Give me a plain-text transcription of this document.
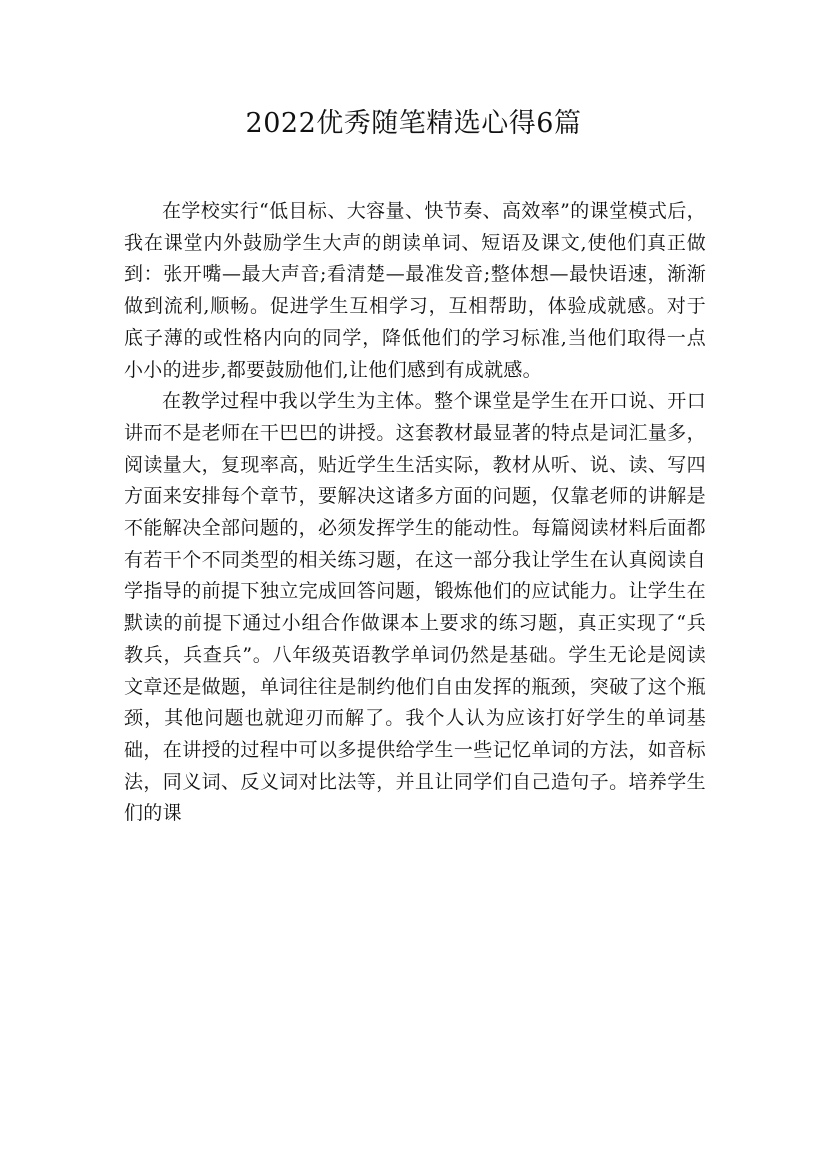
2022优秀随笔精选心得6篇

在学校实行“低目标、大容量、快节奏、高效率”的课堂模式后，我在课堂内外鼓励学生大声的朗读单词、短语及课文,使他们真正做到：张开嘴—最大声音;看清楚—最准发音;整体想—最快语速，渐渐做到流利,顺畅。促进学生互相学习，互相帮助，体验成就感。对于底子薄的或性格内向的同学，降低他们的学习标准,当他们取得一点小小的进步,都要鼓励他们,让他们感到有成就感。

在教学过程中我以学生为主体。整个课堂是学生在开口说、开口讲而不是老师在干巴巴的讲授。这套教材最显著的特点是词汇量多，阅读量大，复现率高，贴近学生生活实际，教材从听、说、读、写四方面来安排每个章节，要解决这诸多方面的问题，仅靠老师的讲解是不能解决全部问题的，必须发挥学生的能动性。每篇阅读材料后面都有若干个不同类型的相关练习题，在这一部分我让学生在认真阅读自学指导的前提下独立完成回答问题，锻炼他们的应试能力。让学生在默读的前提下通过小组合作做课本上要求的练习题，真正实现了“兵教兵，兵查兵”。八年级英语教学单词仍然是基础。学生无论是阅读文章还是做题，单词往往是制约他们自由发挥的瓶颈，突破了这个瓶颈，其他问题也就迎刃而解了。我个人认为应该打好学生的单词基础，在讲授的过程中可以多提供给学生一些记忆单词的方法，如音标法，同义词、反义词对比法等，并且让同学们自己造句子。培养学生们的课
